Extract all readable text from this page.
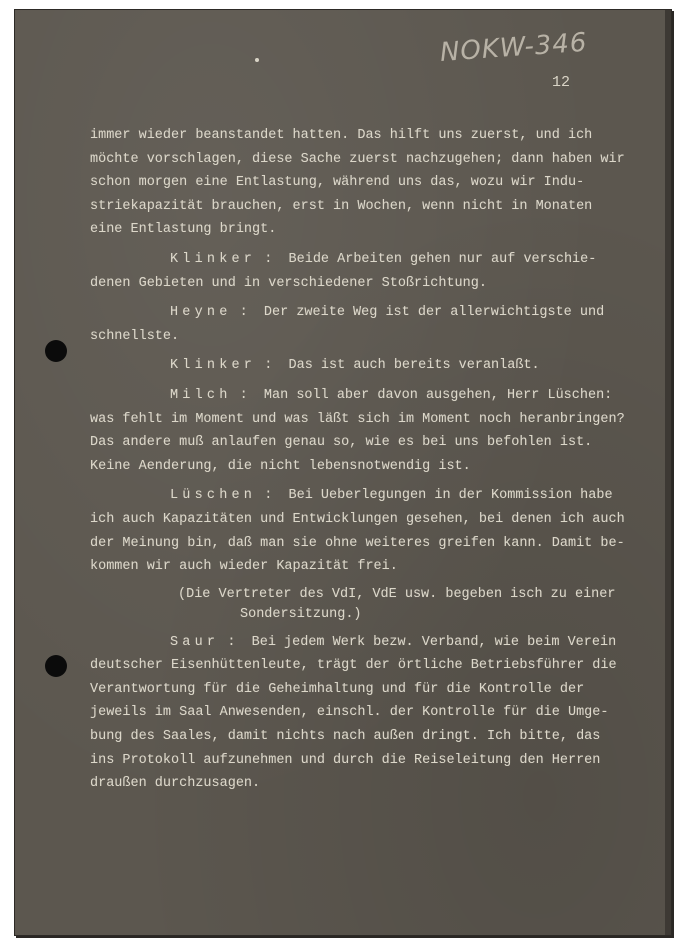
NOKW-346
12
immer wieder beanstandet hatten. Das hilft uns zuerst, und ich
möchte vorschlagen, diese Sache zuerst nachzugehen; dann haben wir
schon morgen eine Entlastung, während uns das, wozu wir Indu-
striekapazität brauchen, erst in Wochen, wenn nicht in Monaten
eine Entlastung bringt.
Klinker :  Beide Arbeiten gehen nur auf verschie-
denen Gebieten und in verschiedener Stoßrichtung.
Heyne :  Der zweite Weg ist der allerwichtigste und
schnellste.
Klinker :  Das ist auch bereits veranlaßt.
Milch :  Man soll aber davon ausgehen, Herr Lüschen:
was fehlt im Moment und was läßt sich im Moment noch heranbringen?
Das andere muß anlaufen genau so, wie es bei uns befohlen ist.
Keine Aenderung, die nicht lebensnotwendig ist.
Lüschen :  Bei Ueberlegungen in der Kommission habe
ich auch Kapazitäten und Entwicklungen gesehen, bei denen ich auch
der Meinung bin, daß man sie ohne weiteres greifen kann. Damit be-
kommen wir auch wieder Kapazität frei.
(Die Vertreter des VdI, VdE usw. begeben isch zu einer
Sondersitzung.)
Saur :  Bei jedem Werk bezw. Verband, wie beim Verein
deutscher Eisenhüttenleute, trägt der örtliche Betriebsführer die
Verantwortung für die Geheimhaltung und für die Kontrolle der
jeweils im Saal Anwesenden, einschl. der Kontrolle für die Umge-
bung des Saales, damit nichts nach außen dringt. Ich bitte, das
ins Protokoll aufzunehmen und durch die Reiseleitung den Herren
draußen durchzusagen.
